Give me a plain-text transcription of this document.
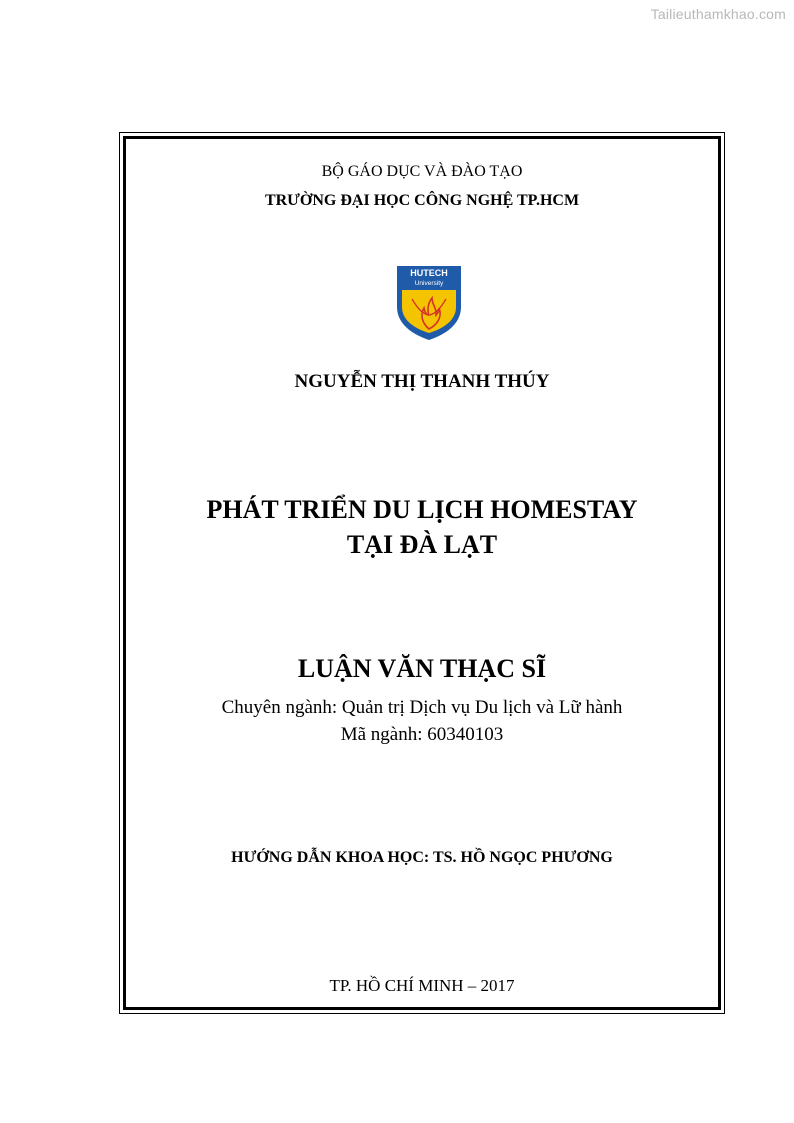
Tailieuthamkhao.com
BỘ GÁO DỤC VÀ ĐÀO TẠO
TRƯỜNG ĐẠI HỌC CÔNG NGHỆ TP.HCM
HUTECH
University
NGUYỄN THỊ THANH THÚY
PHÁT TRIỂN DU LỊCH HOMESTAY
TẠI ĐÀ LẠT
LUẬN VĂN THẠC SĨ
Chuyên ngành: Quản trị Dịch vụ Du lịch và Lữ hành
Mã ngành: 60340103
HƯỚNG DẪN KHOA HỌC: TS. HỒ NGỌC PHƯƠNG
TP. HỒ CHÍ MINH – 2017
